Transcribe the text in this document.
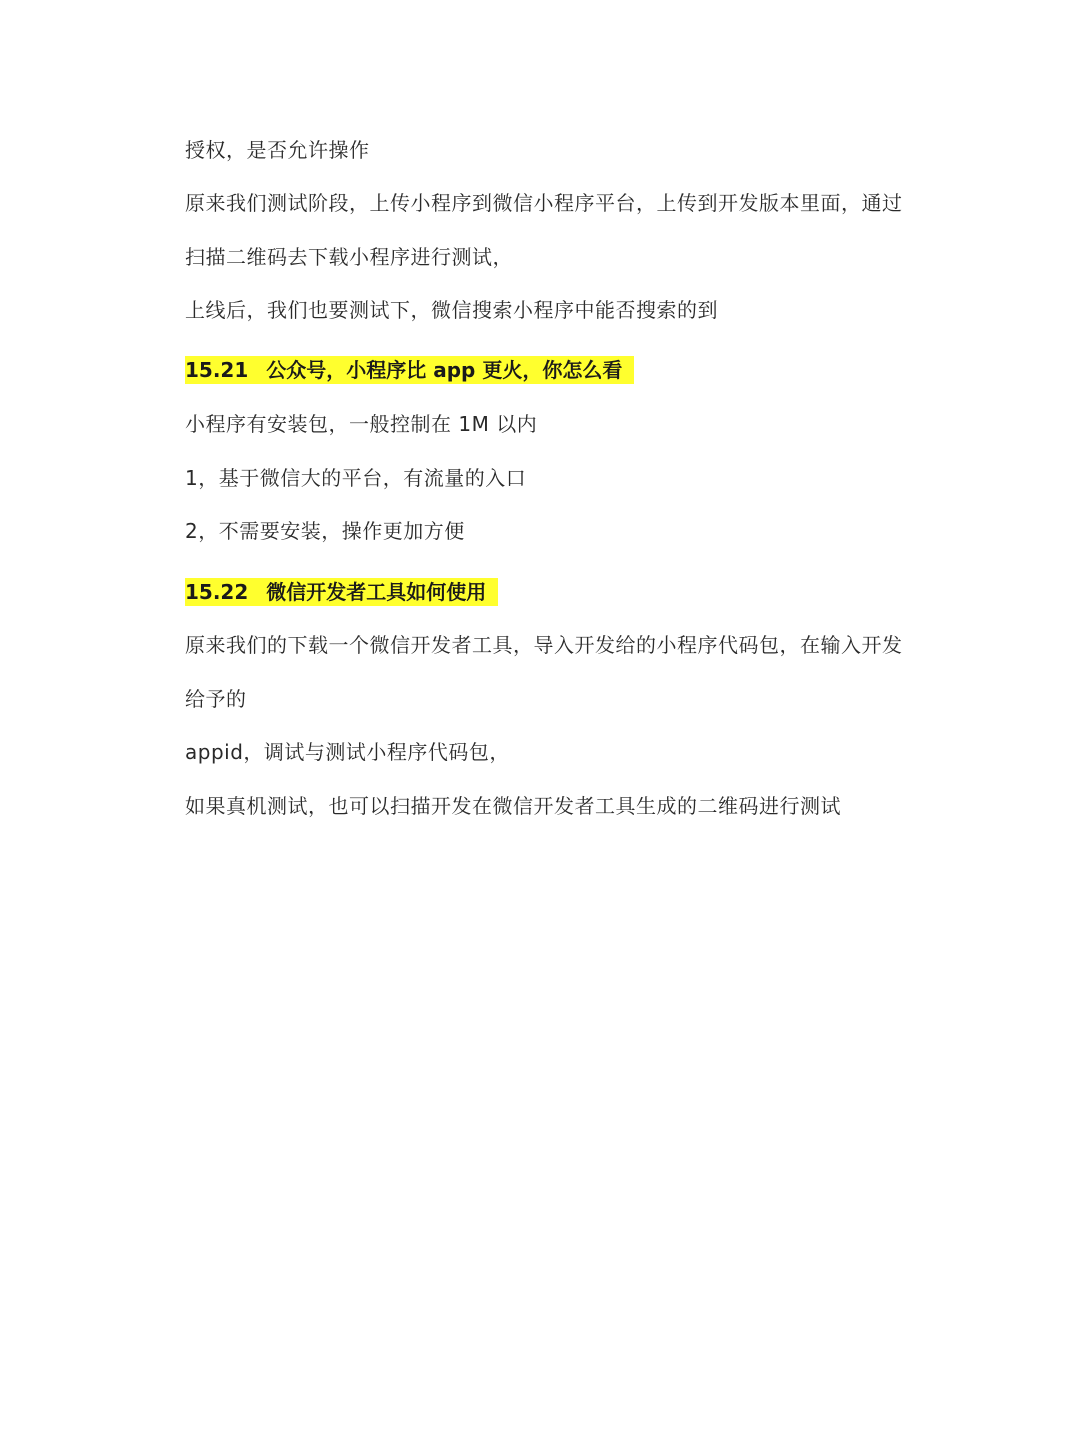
授权，是否允许操作
原来我们测试阶段，上传小程序到微信小程序平台，上传到开发版本里面，通过
扫描二维码去下载小程序进行测试，
上线后，我们也要测试下，微信搜索小程序中能否搜索的到
15.21 公众号，小程序比 app 更火，你怎么看
小程序有安装包，一般控制在 1M 以内
1，基于微信大的平台，有流量的入口
2，不需要安装，操作更加方便
15.22 微信开发者工具如何使用
原来我们的下载一个微信开发者工具，导入开发给的小程序代码包，在输入开发
给予的
appid，调试与测试小程序代码包，
如果真机测试，也可以扫描开发在微信开发者工具生成的二维码进行测试
